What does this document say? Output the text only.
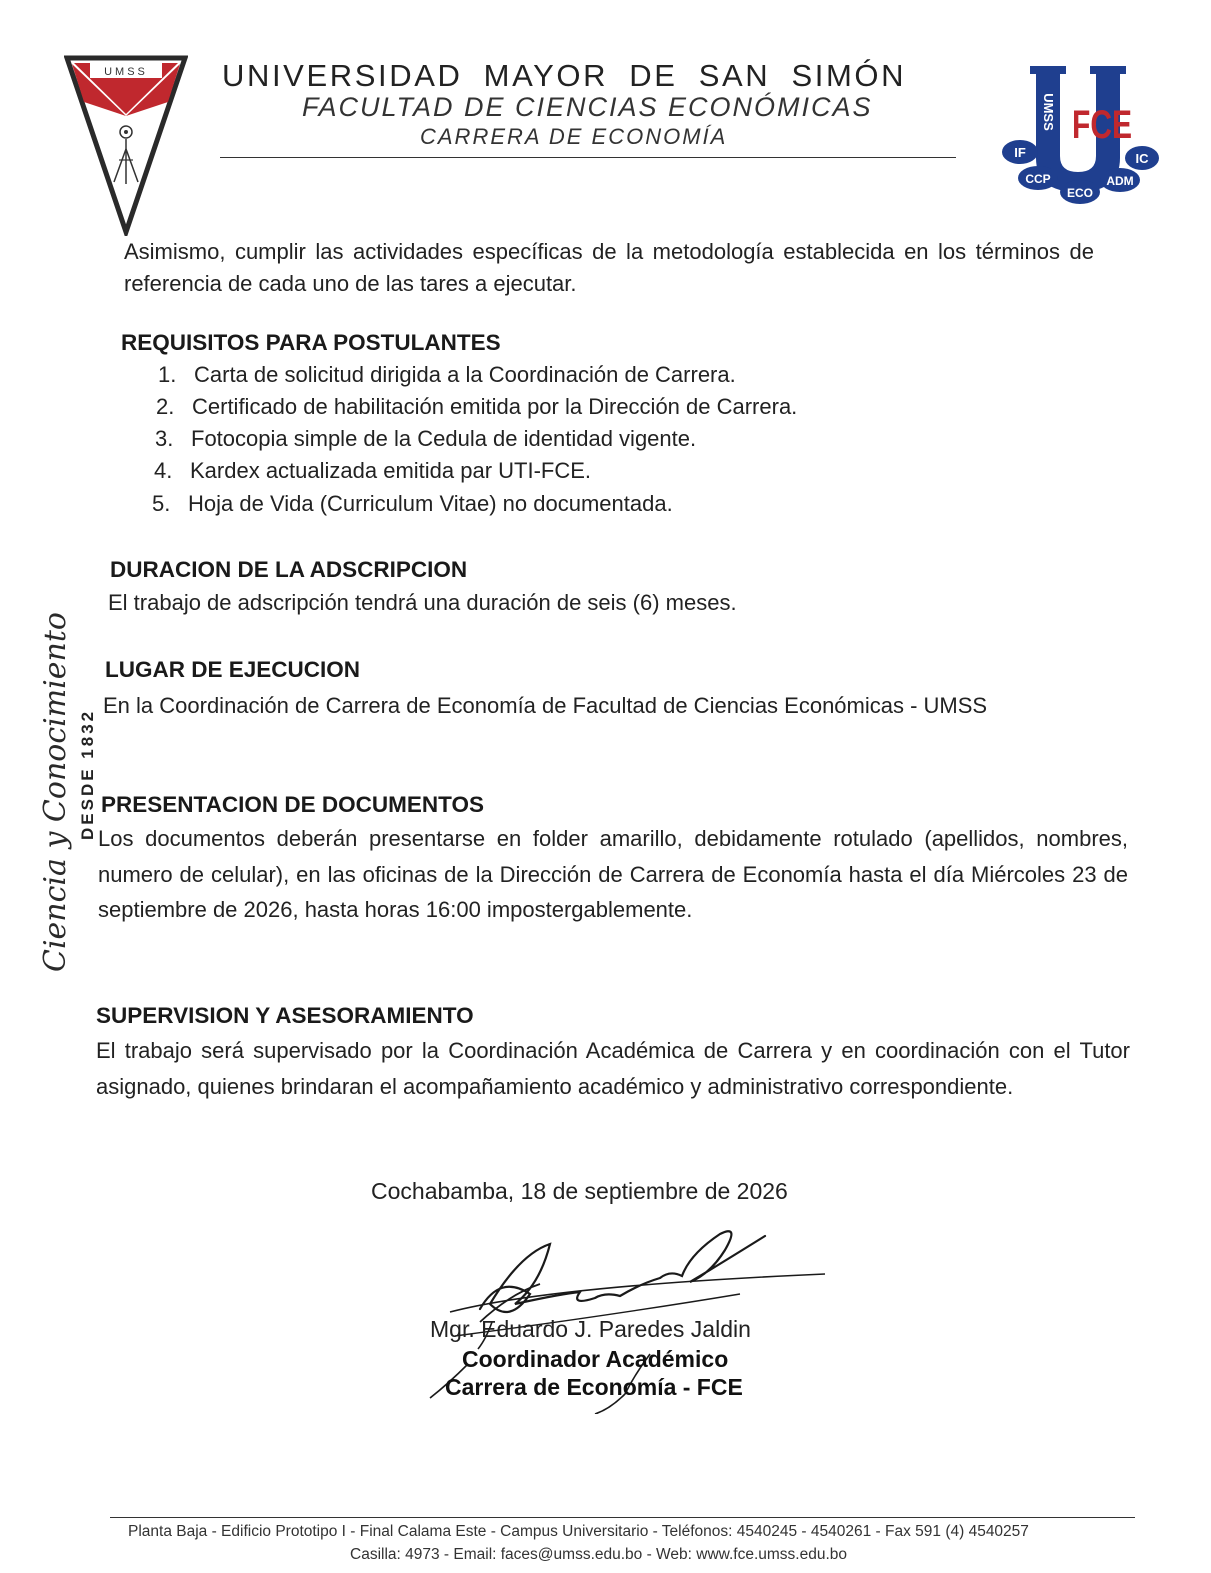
UMSS UNIVERSIDAD MAYOR DE SAN SIMÓN
FACULTAD DE CIENCIAS ECONÓMICAS
CARRERA DE ECONOMÍA
UMSS FCE
IF	IC
CCP
ECO
ADM
Ciencia y Conocimiento DESDE 1832
Asimismo, cumplir las actividades específicas de la metodología establecida en los términos de referencia de cada uno de las tares a ejecutar.
REQUISITOS PARA POSTULANTES
1. Carta de solicitud dirigida a la Coordinación de Carrera.
2. Certificado de habilitación emitida por la Dirección de Carrera.
3. Fotocopia simple de la Cedula de identidad vigente.
4. Kardex actualizada emitida par UTI-FCE.
5. Hoja de Vida (Curriculum Vitae) no documentada.
DURACION DE LA ADSCRIPCION
El trabajo de adscripción tendrá una duración de seis (6) meses.
LUGAR DE EJECUCION
En la Coordinación de Carrera de Economía de Facultad de Ciencias Económicas - UMSS
PRESENTACION DE DOCUMENTOS
Los documentos deberán presentarse en folder amarillo, debidamente rotulado (apellidos, nombres, numero de celular), en las oficinas de la Dirección de Carrera de Economía hasta el día Miércoles 23 de septiembre de 2026, hasta horas 16:00 impostergablemente.
SUPERVISION Y ASESORAMIENTO
El trabajo será supervisado por la Coordinación Académica de Carrera y en coordinación con el Tutor asignado, quienes brindaran el acompañamiento académico y administrativo correspondiente.
Cochabamba, 18 de septiembre de 2026
Mgr. Eduardo J. Paredes Jaldin
Coordinador Académico
Carrera de Economía - FCE
Planta Baja - Edificio Prototipo I - Final Calama Este - Campus Universitario - Teléfonos: 4540245 - 4540261 - Fax 591 (4) 4540257
Casilla: 4973 - Email: faces@umss.edu.bo - Web: www.fce.umss.edu.bo
